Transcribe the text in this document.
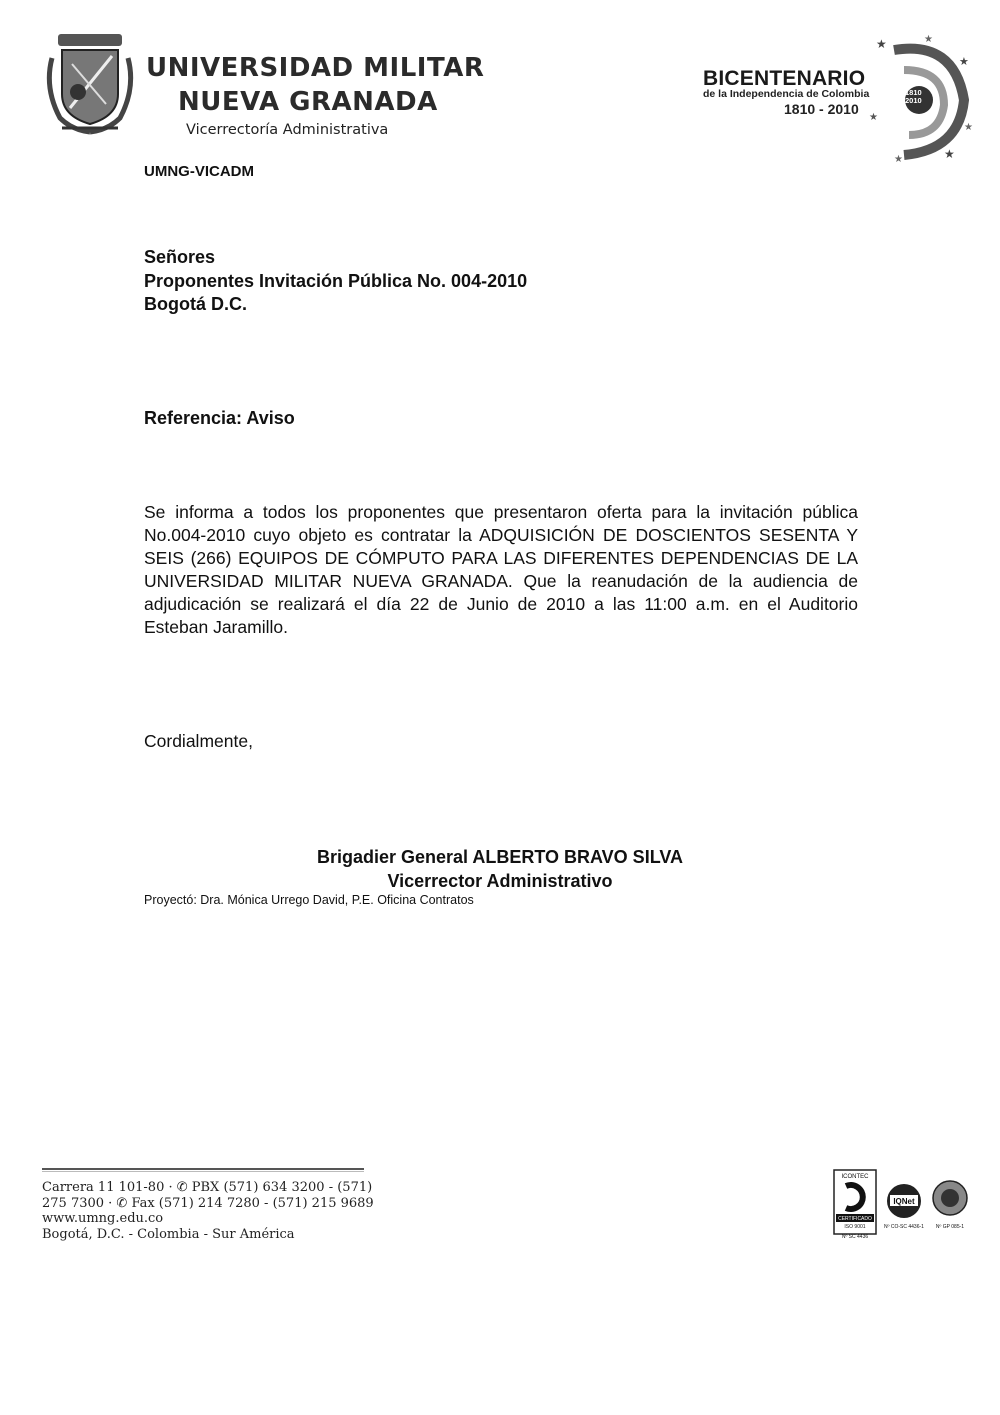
UNIVERSIDAD MILITAR
NUEVA GRANADA
Vicerrectoría Administrativa
BICENTENARIO
de la Independencia de Colombia
1810 - 2010
★	★
★
★
★
★
★
1810
2010
UMNG-VICADM
Señores
Proponentes Invitación Pública No. 004-2010
Bogotá D.C.
Referencia: Aviso
Se informa a todos los proponentes que presentaron oferta para la invitación pública No.004-2010 cuyo objeto es contratar la ADQUISICIÓN DE DOSCIENTOS SESENTA Y SEIS (266) EQUIPOS DE CÓMPUTO PARA LAS DIFERENTES DEPENDENCIAS DE LA UNIVERSIDAD MILITAR NUEVA GRANADA. Que la reanudación de la audiencia de adjudicación se realizará el día 22 de Junio de 2010 a las 11:00 a.m. en el Auditorio Esteban Jaramillo.
Cordialmente,
Brigadier General ALBERTO BRAVO SILVA
Vicerrector Administrativo
Proyectó: Dra. Mónica Urrego David, P.E. Oficina Contratos
Carrera 11 101-80 · ✆ PBX (571) 634 3200 - (571)
275 7300 · ✆ Fax (571) 214 7280 - (571) 215 9689
www.umng.edu.co
Bogotá, D.C. - Colombia - Sur América
ICONTEC
CERTIFICADO
ISO 9001
Nº SC 4436
IQNet
Nº CO-SC 4436-1 Nº GP 085-1
